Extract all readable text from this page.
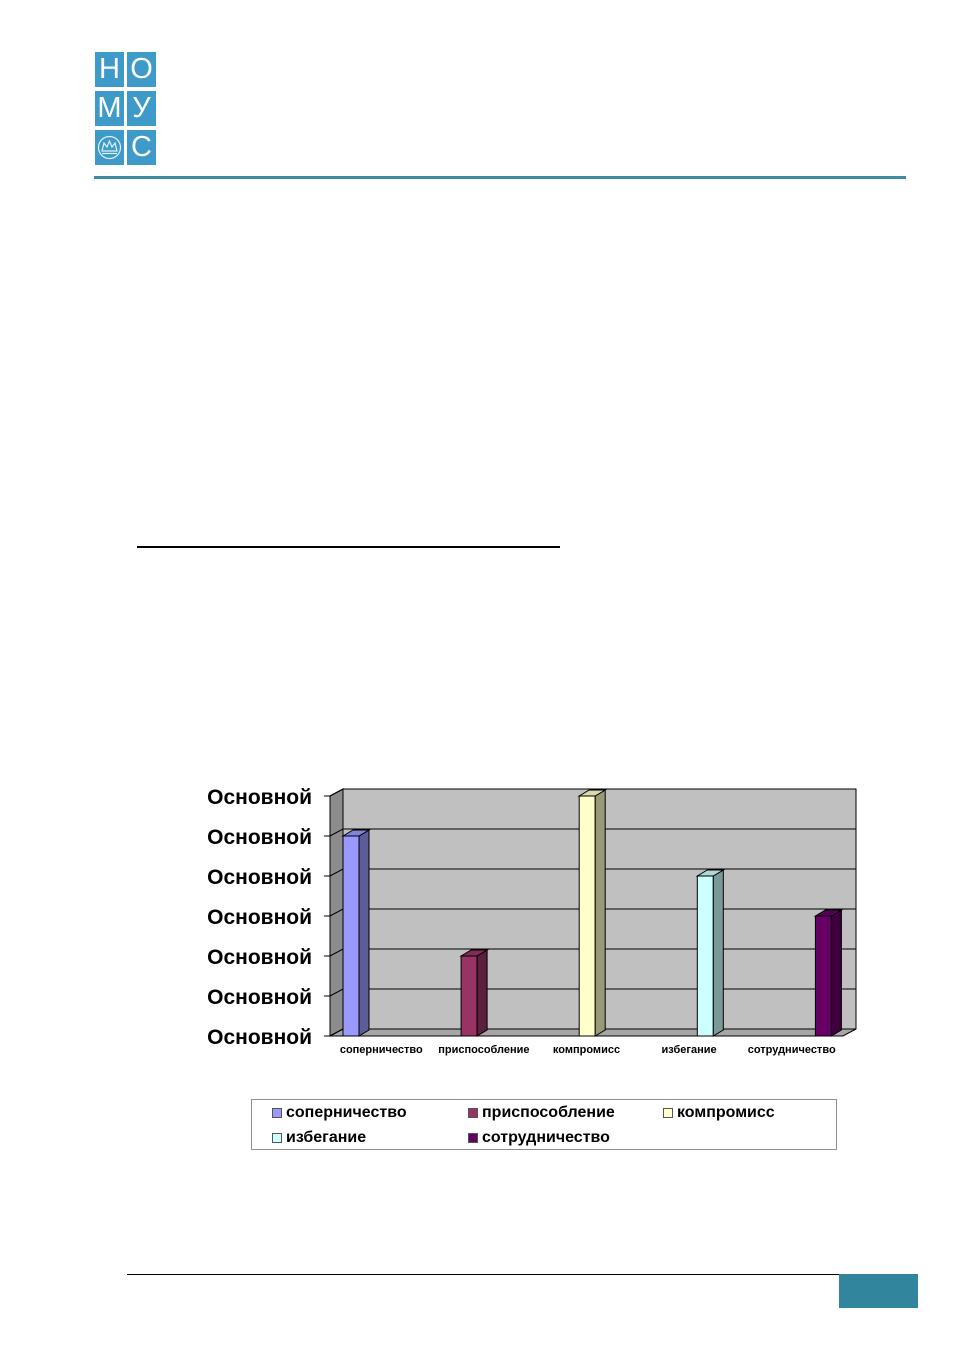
Н О
М У
С
Основной
Основной
Основной
Основной
Основной
Основной
Основной
соперничество приспособление компромисс	избегание	сотрудничество
соперничество	приспособление	компромисс
избегание	сотрудничество
